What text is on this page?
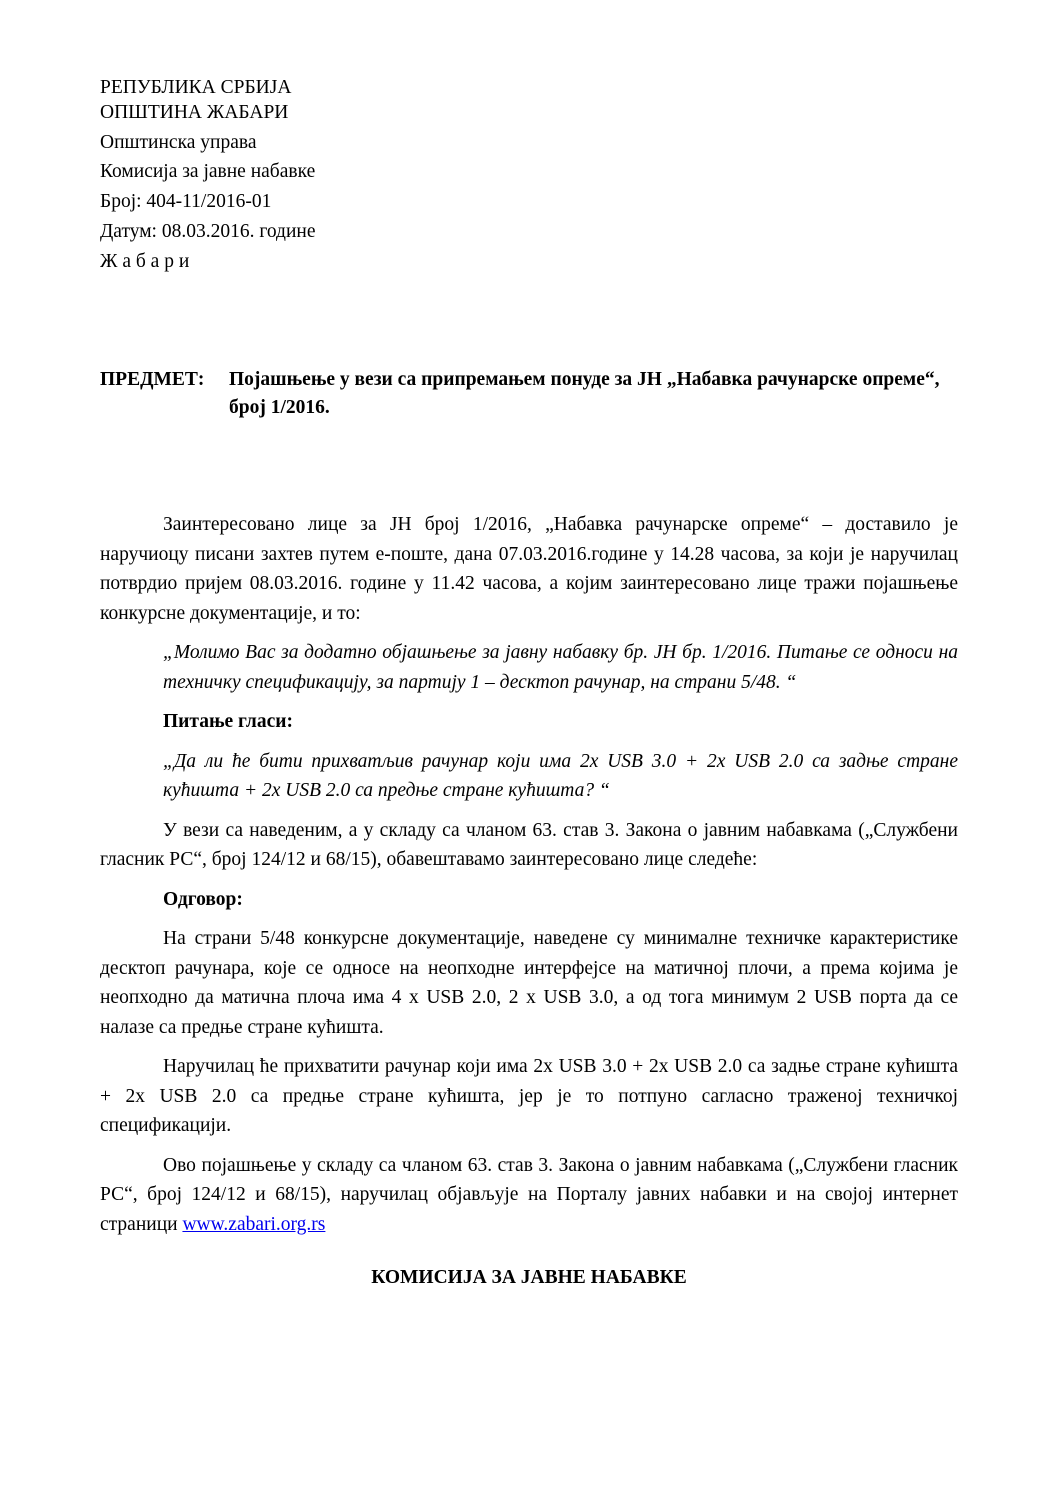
РЕПУБЛИКА СРБИЈА
ОПШТИНА ЖАБАРИ
Општинска управа
Комисија за јавне набавке
Број: 404-11/2016-01
Датум: 08.03.2016. године
Ж а б а р и
ПРЕДМЕТ: Појашњење у вези са припремањем понуде за ЈН „Набавка рачунарске опреме“, број 1/2016.

Заинтересовано лице за ЈН број 1/2016, „Набавка рачунарске опреме“ – доставило је наручиоцу писани захтев путем е-поште, дана 07.03.2016.године у 14.28 часова, за који је наручилац потврдио пријем 08.03.2016. године у 11.42 часова, а којим заинтересовано лице тражи појашњење конкурсне документације, и то:

„Молимо Вас за додатно објашњење за јавну набавку бр. ЈН бр. 1/2016. Питање се односи на техничку спецификацију, за партију 1 – десктоп рачунар, на страни 5/48. “

Питање гласи:

„Да ли ће бити прихватљив рачунар који има 2x USB 3.0 + 2x USB 2.0 са задње стране кућишта + 2x USB 2.0 са предње стране кућишта? “

У вези са наведеним, а у складу са чланом 63. став 3. Закона о јавним набавкама („Службени гласник РС“, број 124/12 и 68/15), обавештавамо заинтересовано лице следеће:

Одговор:

На страни 5/48 конкурсне документације, наведене су минималне техничке карактеристике десктоп рачунара, које се односе на неопходне интерфејсе на матичној плочи, а према којима је неопходно да матична плоча има 4 x USB 2.0, 2 x USB 3.0, а од тога минимум 2 USB порта да се налазе са предње стране кућишта.

Наручилац ће прихватити рачунар који има 2x USB 3.0 + 2x USB 2.0 са задње стране кућишта + 2x USB 2.0 са предње стране кућишта, јер је то потпуно сагласно траженој техничкој спецификацији.

Ово појашњење у складу са чланом 63. став 3. Закона о јавним набавкама („Службени гласник РС“, број 124/12 и 68/15), наручилац објављује на Порталу јавних набавки и на својој интернет страници www.zabari.org.rs

КОМИСИЈА ЗА ЈАВНЕ НАБАВКЕ
